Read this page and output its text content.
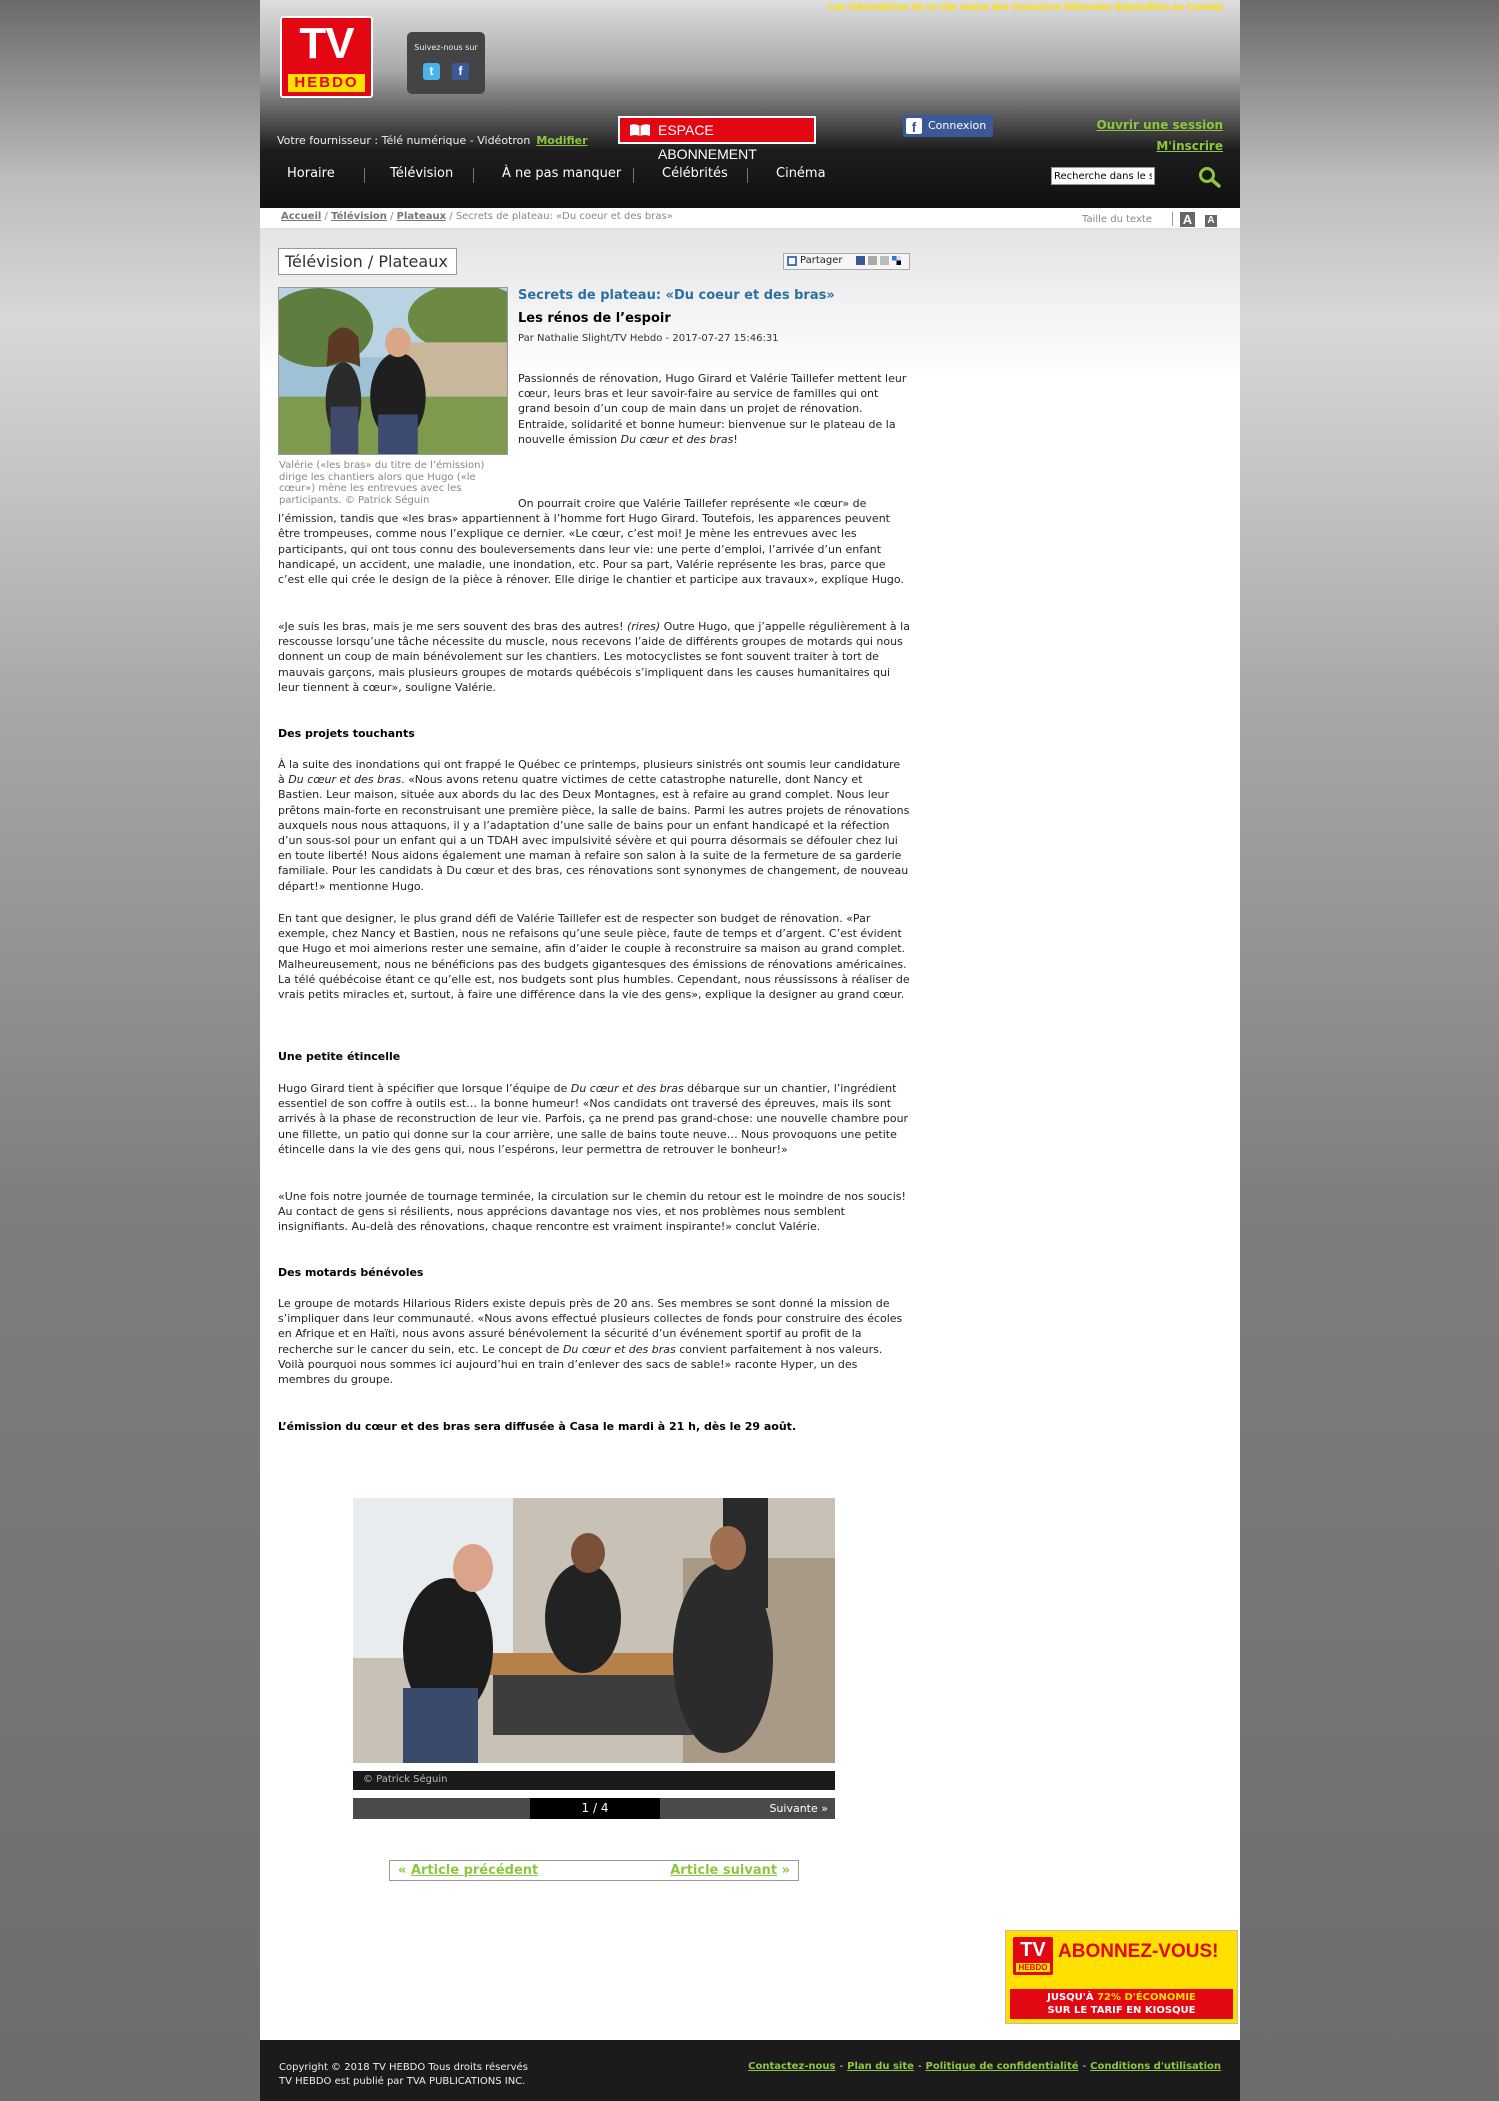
Les informations de ce site visent des émissions télévisées disponibles au Canada
TV
HEBDO
Suivez-nous sur
t	f
Votre fournisseur : Télé numérique - Vidéotron Modifier
ESPACE ABONNEMENT
f	Connexion	Ouvrir une session
M'inscrire
Horaire	Télévision	À ne pas manquer	Célébrités	Cinéma
Recherche dans le site
Accueil / Télévision / Plateaux / Secrets de plateau: «Du coeur et des bras»	Taille du texte A A
Télévision / Plateaux	Partager
Valérie («les bras» du titre de l’émission) dirige les chantiers alors que Hugo («le cœur») mène les entrevues avec les participants. © Patrick Séguin
Secrets de plateau: «Du coeur et des bras»
Les rénos de l’espoir
Par Nathalie Slight/TV Hebdo - 2017-07-27 15:46:31
Passionnés de rénovation, Hugo Girard et Valérie Taillefer mettent leur cœur, leurs bras et leur savoir-faire au service de familles qui ont grand besoin d’un coup de main dans un projet de rénovation. Entraide, solidarité et bonne humeur: bienvenue sur le plateau de la nouvelle émission Du cœur et des bras!
On pourrait croire que Valérie Taillefer représente «le cœur» de l’émission, tandis que «les bras» appartiennent à l’homme fort Hugo Girard. Toutefois, les apparences peuvent être trompeuses, comme nous l’explique ce dernier. «Le cœur, c’est moi! Je mène les entrevues avec les participants, qui ont tous connu des bouleversements dans leur vie: une perte d’emploi, l’arrivée d’un enfant handicapé, un accident, une maladie, une inondation, etc. Pour sa part, Valérie représente les bras, parce que c’est elle qui crée le design de la pièce à rénover. Elle dirige le chantier et participe aux travaux», explique Hugo.
«Je suis les bras, mais je me sers souvent des bras des autres! (rires) Outre Hugo, que j’appelle régulièrement à la rescousse lorsqu’une tâche nécessite du muscle, nous recevons l’aide de différents groupes de motards qui nous donnent un coup de main bénévolement sur les chantiers. Les motocyclistes se font souvent traiter à tort de mauvais garçons, mais plusieurs groupes de motards québécois s’impliquent dans les causes humanitaires qui leur tiennent à cœur», souligne Valérie.
Des projets touchants
À la suite des inondations qui ont frappé le Québec ce printemps, plusieurs sinistrés ont soumis leur candidature à Du cœur et des bras. «Nous avons retenu quatre victimes de cette catastrophe naturelle, dont Nancy et Bastien. Leur maison, située aux abords du lac des Deux Montagnes, est à refaire au grand complet. Nous leur prêtons main-forte en reconstruisant une première pièce, la salle de bains. Parmi les autres projets de rénovations auxquels nous nous attaquons, il y a l’adaptation d’une salle de bains pour un enfant handicapé et la réfection d’un sous-sol pour un enfant qui a un TDAH avec impulsivité sévère et qui pourra désormais se défouler chez lui en toute liberté! Nous aidons également une maman à refaire son salon à la suite de la fermeture de sa garderie familiale. Pour les candidats à Du cœur et des bras, ces rénovations sont synonymes de changement, de nouveau départ!» mentionne Hugo.
En tant que designer, le plus grand défi de Valérie Taillefer est de respecter son budget de rénovation. «Par exemple, chez Nancy et Bastien, nous ne refaisons qu’une seule pièce, faute de temps et d’argent. C’est évident que Hugo et moi aimerions rester une semaine, afin d’aider le couple à reconstruire sa maison au grand complet. Malheureusement, nous ne bénéficions pas des budgets gigantesques des émissions de rénovations américaines. La télé québécoise étant ce qu’elle est, nos budgets sont plus humbles. Cependant, nous réussissons à réaliser de vrais petits miracles et, surtout, à faire une différence dans la vie des gens», explique la designer au grand cœur.
Une petite étincelle
Hugo Girard tient à spécifier que lorsque l’équipe de Du cœur et des bras débarque sur un chantier, l’ingrédient essentiel de son coffre à outils est… la bonne humeur! «Nos candidats ont traversé des épreuves, mais ils sont arrivés à la phase de reconstruction de leur vie. Parfois, ça ne prend pas grand-chose: une nouvelle chambre pour une fillette, un patio qui donne sur la cour arrière, une salle de bains toute neuve… Nous provoquons une petite étincelle dans la vie des gens qui, nous l’espérons, leur permettra de retrouver le bonheur!»
«Une fois notre journée de tournage terminée, la circulation sur le chemin du retour est le moindre de nos soucis! Au contact de gens si résilients, nous apprécions davantage nos vies, et nos problèmes nous semblent insignifiants. Au-delà des rénovations, chaque rencontre est vraiment inspirante!» conclut Valérie.
Des motards bénévoles
Le groupe de motards Hilarious Riders existe depuis près de 20 ans. Ses membres se sont donné la mission de s’impliquer dans leur communauté. «Nous avons effectué plusieurs collectes de fonds pour construire des écoles en Afrique et en Haïti, nous avons assuré bénévolement la sécurité d’un événement sportif au profit de la recherche sur le cancer du sein, etc. Le concept de Du cœur et des bras convient parfaitement à nos valeurs. Voilà pourquoi nous sommes ici aujourd’hui en train d’enlever des sacs de sable!» raconte Hyper, un des membres du groupe.
L’émission du cœur et des bras sera diffusée à Casa le mardi à 21 h, dès le 29 août.
© Patrick Séguin
1 / 4	Suivante »
« Article précédent	Article suivant »
TV
HEBDO
ABONNEZ-VOUS!
JUSQU'À 72% D'ÉCONOMIE
SUR LE TARIF EN KIOSQUE
Copyright © 2018 TV HEBDO Tous droits réservés
TV HEBDO est publié par TVA PUBLICATIONS INC.
Contactez-nous - Plan du site - Politique de confidentialité - Conditions d'utilisation
